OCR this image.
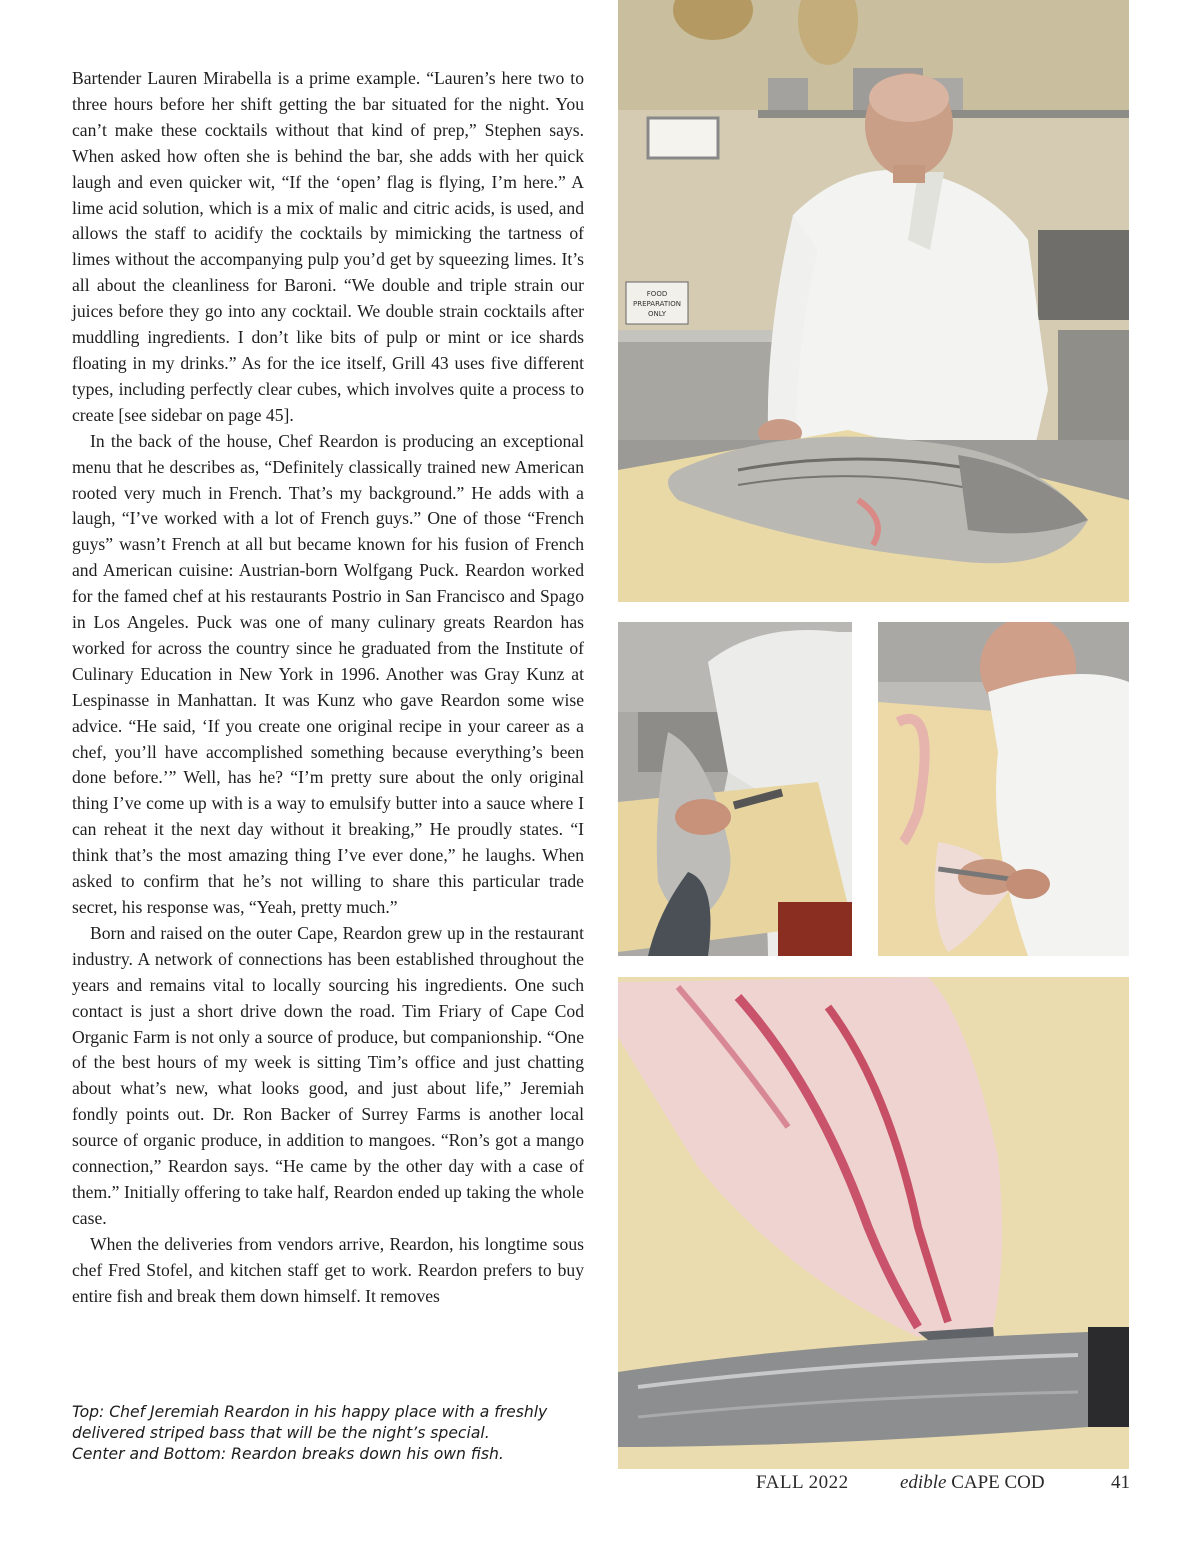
Bartender Lauren Mirabella is a prime example. “Lauren’s here two to three hours before her shift getting the bar situated for the night. You can’t make these cocktails without that kind of prep,” Stephen says. When asked how often she is behind the bar, she adds with her quick laugh and even quicker wit, “If the ‘open’ flag is flying, I’m here.” A lime acid solution, which is a mix of malic and citric acids, is used, and allows the staff to acidify the cocktails by mimicking the tartness of limes without the accompanying pulp you’d get by squeezing limes. It’s all about the cleanliness for Baroni. “We double and triple strain our juices before they go into any cocktail. We double strain cocktails after muddling ingredients. I don’t like bits of pulp or mint or ice shards floating in my drinks.” As for the ice itself, Grill 43 uses five different types, including perfectly clear cubes, which involves quite a process to create [see sidebar on page 45].

In the back of the house, Chef Reardon is producing an exceptional menu that he describes as, “Definitely classically trained new American rooted very much in French. That’s my background.” He adds with a laugh, “I’ve worked with a lot of French guys.” One of those “French guys” wasn’t French at all but became known for his fusion of French and American cuisine: Austrian-born Wolfgang Puck. Reardon worked for the famed chef at his restaurants Postrio in San Francisco and Spago in Los Angeles. Puck was one of many culinary greats Reardon has worked for across the country since he graduated from the Institute of Culinary Education in New York in 1996. Another was Gray Kunz at Lespinasse in Manhattan. It was Kunz who gave Reardon some wise advice. “He said, ‘If you create one original recipe in your career as a chef, you’ll have accomplished something because everything’s been done before.’” Well, has he? “I’m pretty sure about the only original thing I’ve come up with is a way to emulsify butter into a sauce where I can reheat it the next day without it breaking,” He proudly states. “I think that’s the most amazing thing I’ve ever done,” he laughs. When asked to confirm that he’s not willing to share this particular trade secret, his response was, “Yeah, pretty much.”

Born and raised on the outer Cape, Reardon grew up in the restaurant industry. A network of connections has been established throughout the years and remains vital to locally sourcing his ingredients. One such contact is just a short drive down the road. Tim Friary of Cape Cod Organic Farm is not only a source of produce, but companionship. “One of the best hours of my week is sitting Tim’s office and just chatting about what’s new, what looks good, and just about life,” Jeremiah fondly points out. Dr. Ron Backer of Surrey Farms is another local source of organic produce, in addition to mangoes. “Ron’s got a mango connection,” Reardon says. “He came by the other day with a case of them.” Initially offering to take half, Reardon ended up taking the whole case.

When the deliveries from vendors arrive, Reardon, his longtime sous chef Fred Stofel, and kitchen staff get to work. Reardon prefers to buy entire fish and break them down himself. It removes

Top: Chef Jeremiah Reardon in his happy place with a freshly
delivered striped bass that will be the night’s special.
Center and Bottom: Reardon breaks down his own fish.
FOOD
PREPARATION
ONLY
FALL 2022	edible CAPE COD	41
